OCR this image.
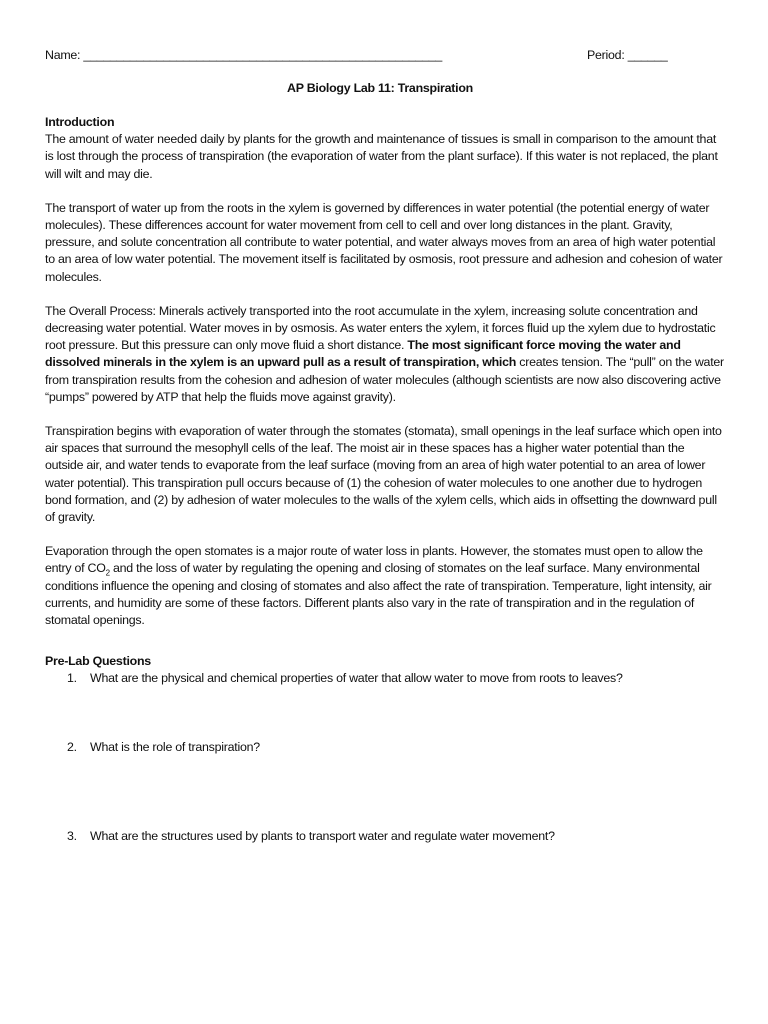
Name: ______________________________________________________	Period: ______
AP Biology Lab 11: Transpiration
Introduction

The amount of water needed daily by plants for the growth and maintenance of tissues is small in comparison to the amount that is lost through the process of transpiration (the evaporation of water from the plant surface). If this water is not replaced, the plant will wilt and may die.

The transport of water up from the roots in the xylem is governed by differences in water potential (the potential energy of water molecules). These differences account for water movement from cell to cell and over long distances in the plant. Gravity, pressure, and solute concentration all contribute to water potential, and water always moves from an area of high water potential to an area of low water potential. The movement itself is facilitated by osmosis, root pressure and adhesion and cohesion of water molecules.

The Overall Process: Minerals actively transported into the root accumulate in the xylem, increasing solute concentration and decreasing water potential. Water moves in by osmosis. As water enters the xylem, it forces fluid up the xylem due to hydrostatic root pressure. But this pressure can only move fluid a short distance. The most significant force moving the water and dissolved minerals in the xylem is an upward pull as a result of transpiration, which creates tension. The “pull” on the water from transpiration results from the cohesion and adhesion of water molecules (although scientists are now also discovering active “pumps” powered by ATP that help the fluids move against gravity).

Transpiration begins with evaporation of water through the stomates (stomata), small openings in the leaf surface which open into air spaces that surround the mesophyll cells of the leaf. The moist air in these spaces has a higher water potential than the outside air, and water tends to evaporate from the leaf surface (moving from an area of high water potential to an area of lower water potential). This transpiration pull occurs because of (1) the cohesion of water molecules to one another due to hydrogen bond formation, and (2) by adhesion of water molecules to the walls of the xylem cells, which aids in offsetting the downward pull of gravity.

Evaporation through the open stomates is a major route of water loss in plants. However, the stomates must open to allow the entry of $CO_2$ and the loss of water by regulating the opening and closing of stomates on the leaf surface. Many environmental conditions influence the opening and closing of stomates and also affect the rate of transpiration. Temperature, light intensity, air currents, and humidity are some of these factors. Different plants also vary in the rate of transpiration and in the regulation of stomatal openings.

Pre-Lab Questions
1. What are the physical and chemical properties of water that allow water to move from roots to leaves?
2. What is the role of transpiration?
3. What are the structures used by plants to transport water and regulate water movement?
